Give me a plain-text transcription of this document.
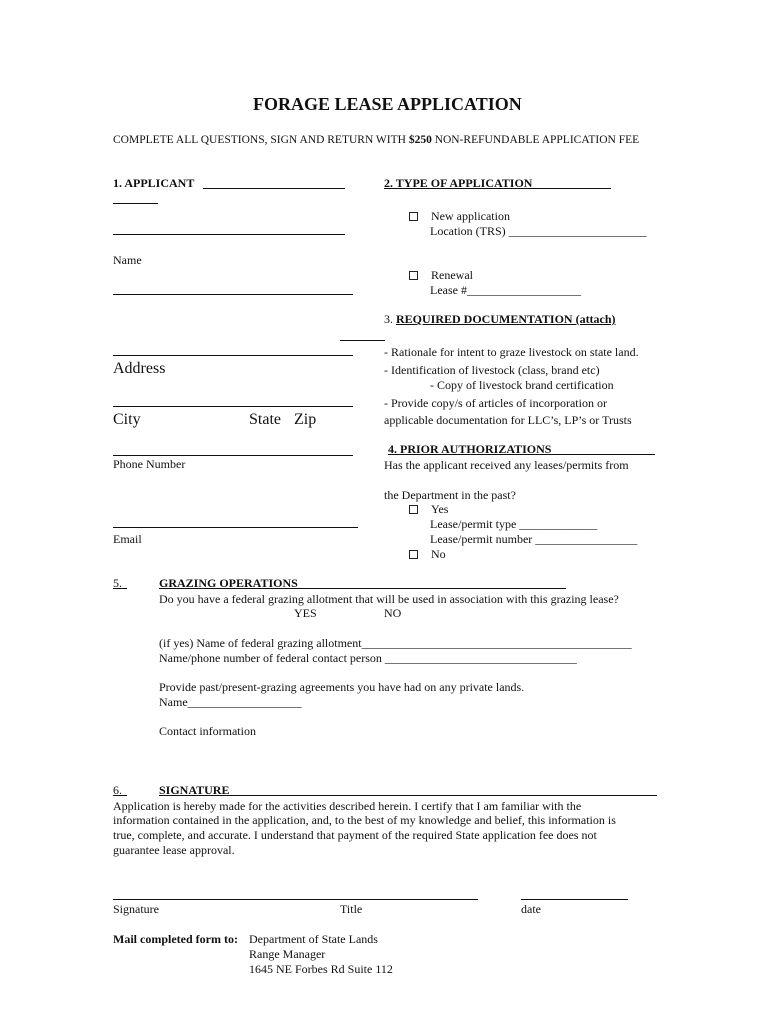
FORAGE LEASE APPLICATION
COMPLETE ALL QUESTIONS, SIGN AND RETURN WITH $250 NON-REFUNDABLE APPLICATION FEE
1. APPLICANT
Name
Address
City	State Zip
Phone Number
Email
2. TYPE OF APPLICATION
New application
Location (TRS) _______________________
Renewal
Lease #___________________
3. REQUIRED DOCUMENTATION (attach)
- Rationale for intent to graze livestock on state land.
- Identification of livestock (class, brand etc)
- Copy of livestock brand certification
- Provide copy/s of articles of incorporation or
applicable documentation for LLC’s, LP’s or Trusts
4. PRIOR AUTHORIZATIONS
Has the applicant received any leases/permits from
the Department in the past?
Yes
Lease/permit type _____________
Lease/permit number _________________
No
5.	GRAZING OPERATIONS
Do you have a federal grazing allotment that will be used in association with this grazing lease?
YES	NO
(if yes) Name of federal grazing allotment_____________________________________________
Name/phone number of federal contact person ________________________________
Provide past/present-grazing agreements you have had on any private lands.
Name___________________
Contact information
6.	SIGNATURE
Application is hereby made for the activities described herein. I certify that I am familiar with the
information contained in the application, and, to the best of my knowledge and belief, this information is
true, complete, and accurate. I understand that payment of the required State application fee does not
guarantee lease approval.
Signature	Title	date
Mail completed form to: Department of State Lands
Range Manager
1645 NE Forbes Rd Suite 112
